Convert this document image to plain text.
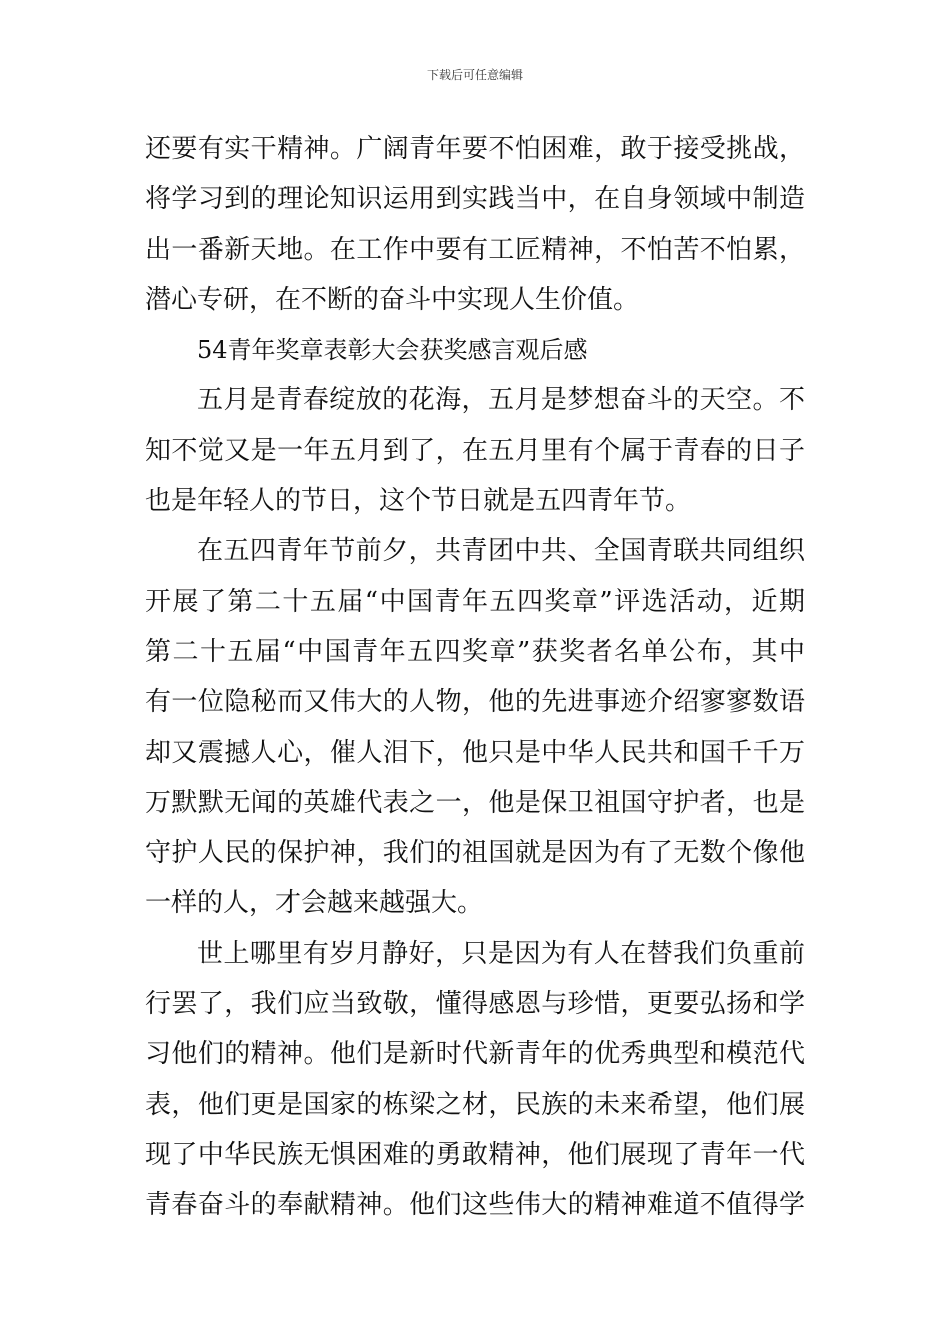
下载后可任意编辑
还要有实干精神。广阔青年要不怕困难，敢于接受挑战，
将学习到的理论知识运用到实践当中，在自身领域中制造
出一番新天地。在工作中要有工匠精神，不怕苦不怕累，
潜心专研，在不断的奋斗中实现人生价值。
54青年奖章表彰大会获奖感言观后感
五月是青春绽放的花海，五月是梦想奋斗的天空。不
知不觉又是一年五月到了，在五月里有个属于青春的日子
也是年轻人的节日，这个节日就是五四青年节。
在五四青年节前夕，共青团中共、全国青联共同组织
开展了第二十五届“中国青年五四奖章”评选活动，近期
第二十五届“中国青年五四奖章”获奖者名单公布，其中
有一位隐秘而又伟大的人物，他的先进事迹介绍寥寥数语
却又震撼人心，催人泪下，他只是中华人民共和国千千万
万默默无闻的英雄代表之一，他是保卫祖国守护者，也是
守护人民的保护神，我们的祖国就是因为有了无数个像他
一样的人，才会越来越强大。
世上哪里有岁月静好，只是因为有人在替我们负重前
行罢了，我们应当致敬，懂得感恩与珍惜，更要弘扬和学
习他们的精神。他们是新时代新青年的优秀典型和模范代
表，他们更是国家的栋梁之材，民族的未来希望，他们展
现了中华民族无惧困难的勇敢精神，他们展现了青年一代
青春奋斗的奉献精神。他们这些伟大的精神难道不值得学
